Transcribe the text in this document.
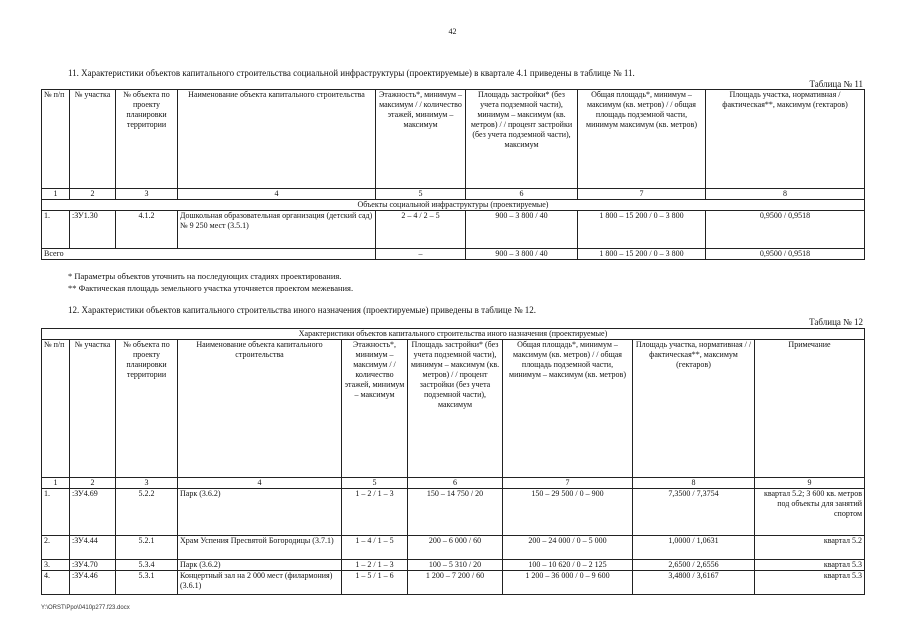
42
11. Характеристики объектов капитального строительства социальной инфраструктуры (проектируемые) в квартале 4.1 приведены в таблице № 11.
Таблица № 11
№ п/п	№ участка	№ объекта по проекту планировки территории	Наименование объекта капитального строительства	Этажность*, минимум – максимум / / количество этажей, минимум – максимум	Площадь застройки* (без учета подземной части), минимум – максимум (кв. метров) / / процент застройки (без учета подземной части), максимум	Общая площадь*, минимум – максимум (кв. метров) / / общая площадь подземной части, минимум максимум (кв. метров)	Площадь участка, нормативная / фактическая**, максимум (гектаров)
1	2	3	4	5	6	7	8
Объекты социальной инфраструктуры (проектируемые)							
1.	:ЗУ1.30	4.1.2	Дошкольная образовательная организация (детский сад) № 9 250 мест (3.5.1)	2 – 4 / 2 – 5	900 – 3 800 / 40	1 800 – 15 200 / 0 – 3 800	0,9500 / 0,9518
Всего				–	900 – 3 800 / 40	1 800 – 15 200 / 0 – 3 800	0,9500 / 0,9518
* Параметры объектов уточнить на последующих стадиях проектирования.
** Фактическая площадь земельного участка уточняется проектом межевания.
12. Характеристики объектов капитального строительства иного назначения (проектируемые) приведены в таблице № 12.
Таблица № 12
Характеристики объектов капитального строительства иного назначения (проектируемые)								
№ п/п	№ участка	№ объекта по проекту планировки территории	Наименование объекта капитального строительства	Этажность*, минимум – максимум / / количество этажей, минимум – максимум	Площадь застройки* (без учета подземной части), минимум – максимум (кв. метров) / / процент застройки (без учета подземной части), максимум	Общая площадь*, минимум – максимум (кв. метров) / / общая площадь подземной части, минимум – максимум (кв. метров)	Площадь участка, нормативная / / фактическая**, максимум (гектаров)	Примечание
1	2	3	4	5	6	7	8	9
1.	:ЗУ4.69	5.2.2	Парк (3.6.2)	1 – 2 / 1 – 3	150 – 14 750 / 20	150 – 29 500 / 0 – 900	7,3500 / 7,3754	квартал 5.2; 3 600 кв. метров под объекты для занятий спортом
2.	:ЗУ4.44	5.2.1	Храм Успения Пресвятой Богородицы (3.7.1)	1 – 4 / 1 – 5	200 – 6 000 / 60	200 – 24 000 / 0 – 5 000	1,0000 / 1,0631	квартал 5.2
3.	:ЗУ4.70	5.3.4	Парк (3.6.2)	1 – 2 / 1 – 3	100 – 5 310 / 20	100 – 10 620 / 0 – 2 125	2,6500 / 2,6556	квартал 5.3
4.	:ЗУ4.46	5.3.1	Концертный зал на 2 000 мест (филармония) (3.6.1)	1 – 5 / 1 – 6	1 200 – 7 200 / 60	1 200 – 36 000 / 0 – 9 600	3,4800 / 3,6167	квартал 5.3
Y:\ORST\Ppo\0410p277.f23.docx
